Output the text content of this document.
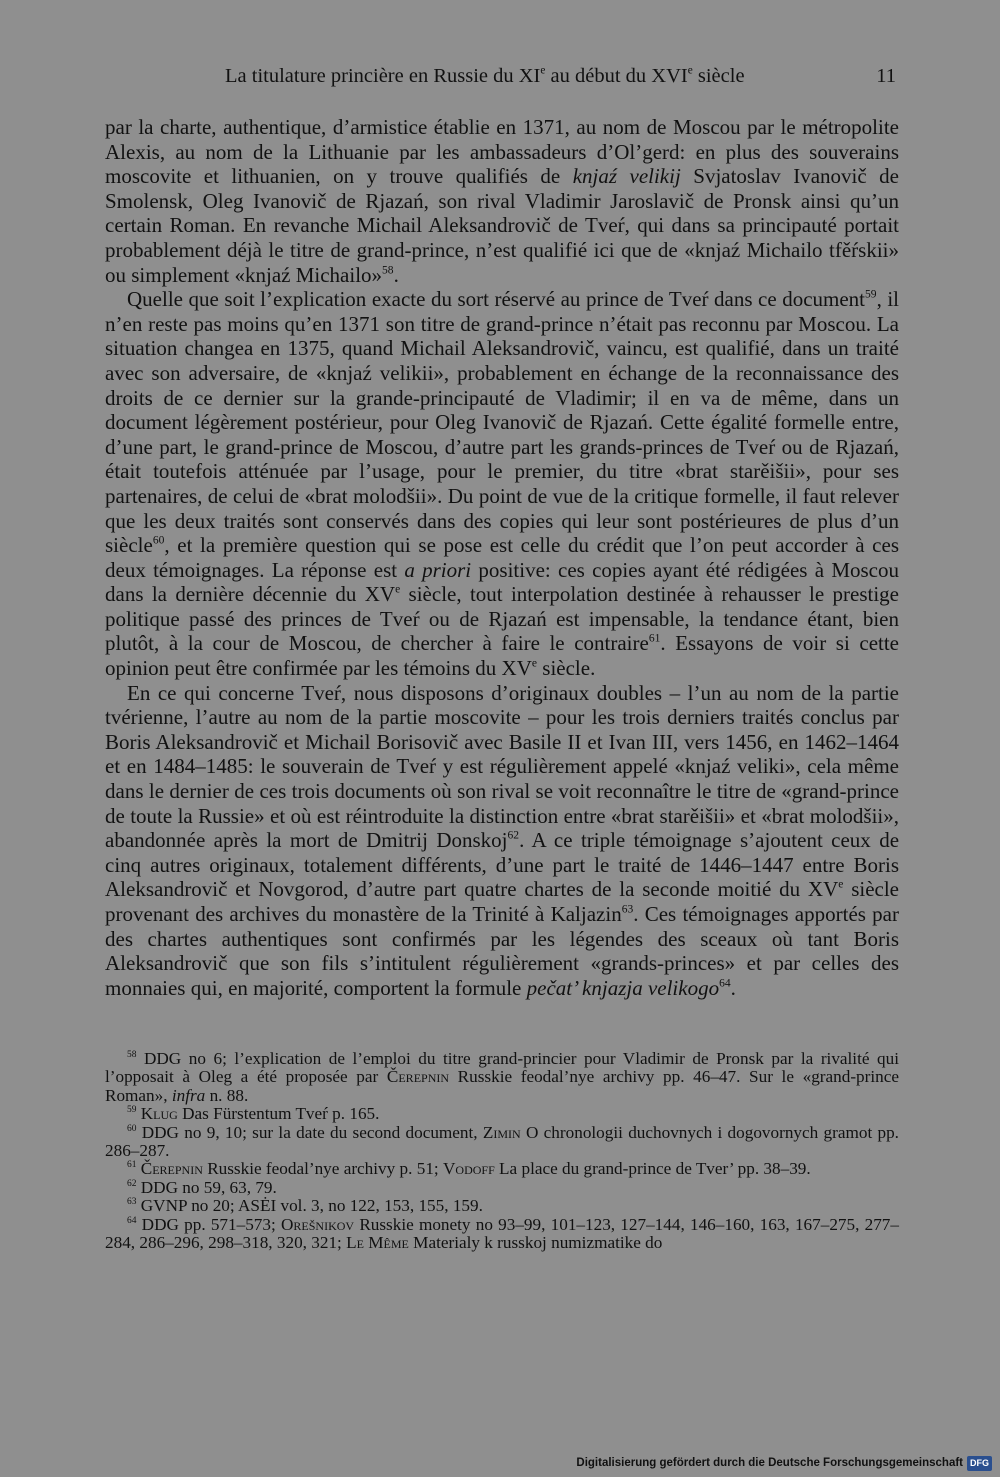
La titulature princière en Russie du XIe au début du XVIe siècle	11

par la charte, authentique, d’armistice établie en 1371, au nom de Moscou par le métropolite Alexis, au nom de la Lithuanie par les ambassadeurs d’Ol’gerd: en plus des souverains moscovite et lithuanien, on y trouve qualifiés de knjaź velikij Svjatoslav Ivanovič de Smolensk, Oleg Ivanovič de Rjazań, son rival Vladimir Jaroslavič de Pronsk ainsi qu’un certain Roman. En revanche Michail Aleksandrovič de Tveŕ, qui dans sa principauté portait probablement déjà le titre de grand-prince, n’est qualifié ici que de «knjaź Michailo tfěŕskii» ou simplement «knjaź Michailo»$^{58}$.

Quelle que soit l’explication exacte du sort réservé au prince de Tveŕ dans ce document$^{59}$, il n’en reste pas moins qu’en 1371 son titre de grand-prince n’était pas reconnu par Moscou. La situation changea en 1375, quand Michail Aleksandrovič, vaincu, est qualifié, dans un traité avec son adversaire, de «knjaź velikii», probablement en échange de la reconnaissance des droits de ce dernier sur la grande-principauté de Vladimir; il en va de même, dans un document légèrement postérieur, pour Oleg Ivanovič de Rjazań. Cette égalité formelle entre, d’une part, le grand-prince de Moscou, d’autre part les grands-princes de Tveŕ ou de Rjazań, était toutefois atténuée par l’usage, pour le premier, du titre «brat starěišii», pour ses partenaires, de celui de «brat molodšii». Du point de vue de la critique formelle, il faut relever que les deux traités sont conservés dans des copies qui leur sont postérieures de plus d’un siècle$^{60}$, et la première question qui se pose est celle du crédit que l’on peut accorder à ces deux témoignages. La réponse est a priori positive: ces copies ayant été rédigées à Moscou dans la dernière décennie du XVe siècle, tout interpolation destinée à rehausser le prestige politique passé des princes de Tveŕ ou de Rjazań est impensable, la tendance étant, bien plutôt, à la cour de Moscou, de chercher à faire le contraire$^{61}$. Essayons de voir si cette opinion peut être confirmée par les témoins du XVe siècle.

En ce qui concerne Tveŕ, nous disposons d’originaux doubles – l’un au nom de la partie tvérienne, l’autre au nom de la partie moscovite – pour les trois derniers traités conclus par Boris Aleksandrovič et Michail Borisovič avec Basile II et Ivan III, vers 1456, en 1462–1464 et en 1484–1485: le souverain de Tveŕ y est régulièrement appelé «knjaź veliki», cela même dans le dernier de ces trois documents où son rival se voit reconnaître le titre de «grand-prince de toute la Russie» et où est réintroduite la distinction entre «brat starěišii» et «brat molodšii», abandonnée après la mort de Dmitrij Donskoj$^{62}$. A ce triple témoignage s’ajoutent ceux de cinq autres originaux, totalement différents, d’une part le traité de 1446–1447 entre Boris Aleksandrovič et Novgorod, d’autre part quatre chartes de la seconde moitié du XVe siècle provenant des archives du monastère de la Trinité à Kaljazin$^{63}$. Ces témoignages apportés par des chartes authentiques sont confirmés par les légendes des sceaux où tant Boris Aleksandrovič que son fils s’intitulent régulièrement «grands-princes» et par celles des monnaies qui, en majorité, comportent la formule pečat’ knjazja velikogo$^{64}$.

$^{58}$ DDG no 6; l’explication de l’emploi du titre grand-princier pour Vladimir de Pronsk par la rivalité qui l’opposait à Oleg a été proposée par Čerepnin Russkie feodal’nye archivy pp. 46–47. Sur le «grand-prince Roman», infra n. 88.

$^{59}$ Klug Das Fürstentum Tveŕ p. 165.

$^{60}$ DDG no 9, 10; sur la date du second document, Zimin O chronologii duchovnych i dogovornych gramot pp. 286–287.

$^{61}$ Čerepnin Russkie feodal’nye archivy p. 51; Vodoff La place du grand-prince de Tver’ pp. 38–39.

$^{62}$ DDG no 59, 63, 79.

$^{63}$ GVNP no 20; ASĖI vol. 3, no 122, 153, 155, 159.

$^{64}$ DDG pp. 571–573; Orešnikov Russkie monety no 93–99, 101–123, 127–144, 146–160, 163, 167–275, 277–284, 286–296, 298–318, 320, 321; Le Même Materialy k russkoj numizmatike do

Digitalisierung gefördert durch die Deutsche Forschungsgemeinschaft DFG
